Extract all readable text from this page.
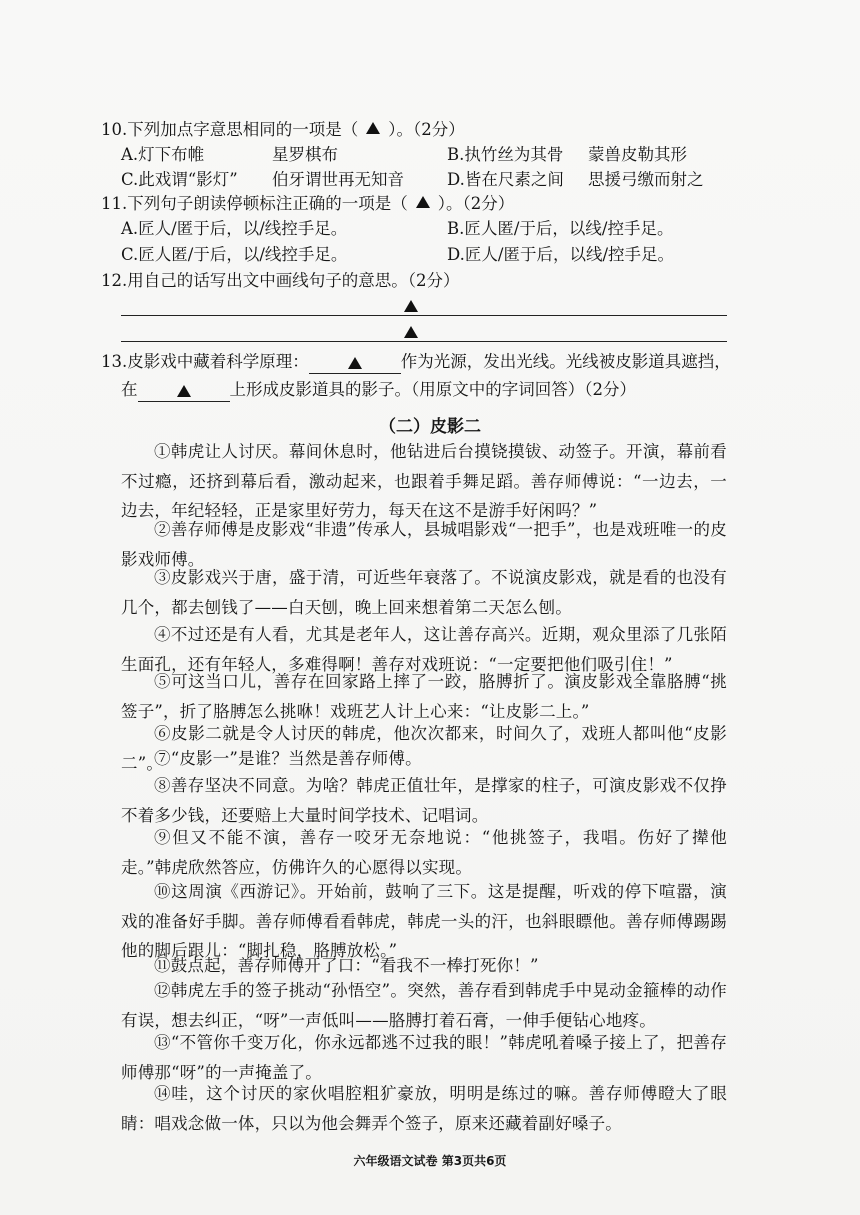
10.下列加点字意思相同的一项是（ ）。（2分）
A.灯下布帷	星罗棋布	B.执竹丝为其骨 蒙兽皮勒其形
C.此戏谓“影灯” 伯牙谓世再无知音	D.皆在尺素之间 思援弓缴而射之
11.下列句子朗读停顿标注正确的一项是（ ）。（2分）
A.匠人/匿于后，以/线控手足。	B.匠人匿/于后，以线/控手足。
C.匠人匿/于后，以/线控手足。	D.匠人/匿于后，以线/控手足。
12.用自己的话写出文中画线句子的意思。（2分）
13.皮影戏中藏着科学原理：	作为光源，发出光线。光线被皮影道具遮挡，
在	上形成皮影道具的影子。（用原文中的字词回答）（2分）
（二）皮影二
①韩虎让人讨厌。幕间休息时，他钻进后台摸铙摸钹、动签子。开演，幕前看不过瘾，还挤到幕后看，激动起来，也跟着手舞足蹈。善存师傅说：“一边去，一边去，年纪轻轻，正是家里好劳力，每天在这不是游手好闲吗？”
②善存师傅是皮影戏“非遗”传承人，县城唱影戏“一把手”，也是戏班唯一的皮影戏师傅。
③皮影戏兴于唐，盛于清，可近些年衰落了。不说演皮影戏，就是看的也没有几个，都去刨钱了——白天刨，晚上回来想着第二天怎么刨。
④不过还是有人看，尤其是老年人，这让善存高兴。近期，观众里添了几张陌生面孔，还有年轻人，多难得啊！善存对戏班说：“一定要把他们吸引住！”
⑤可这当口儿，善存在回家路上摔了一跤，胳膊折了。演皮影戏全靠胳膊“挑签子”，折了胳膊怎么挑咻！戏班艺人计上心来：“让皮影二上。”
⑥皮影二就是令人讨厌的韩虎，他次次都来，时间久了，戏班人都叫他“皮影二”。
⑦“皮影一”是谁？当然是善存师傅。
⑧善存坚决不同意。为啥？韩虎正值壮年，是撑家的柱子，可演皮影戏不仅挣不着多少钱，还要赔上大量时间学技术、记唱词。
⑨但又不能不演，善存一咬牙无奈地说：“他挑签子，我唱。伤好了撵他走。”韩虎欣然答应，仿佛许久的心愿得以实现。
⑩这周演《西游记》。开始前，鼓响了三下。这是提醒，听戏的停下喧嚣，演戏的准备好手脚。善存师傅看看韩虎，韩虎一头的汗，也斜眼瞟他。善存师傅踢踢他的脚后跟儿：“脚扎稳，胳膊放松。”
⑪鼓点起，善存师傅开了口：“看我不一棒打死你！”
⑫韩虎左手的签子挑动“孙悟空”。突然，善存看到韩虎手中晃动金箍棒的动作有误，想去纠正，“呀”一声低叫——胳膊打着石膏，一伸手便钻心地疼。
⑬“不管你千变万化，你永远都逃不过我的眼！”韩虎吼着嗓子接上了，把善存师傅那“呀”的一声掩盖了。
⑭哇，这个讨厌的家伙唱腔粗犷豪放，明明是练过的嘛。善存师傅瞪大了眼睛：唱戏念做一体，只以为他会舞弄个签子，原来还藏着副好嗓子。
六年级语文试卷 第3页共6页
